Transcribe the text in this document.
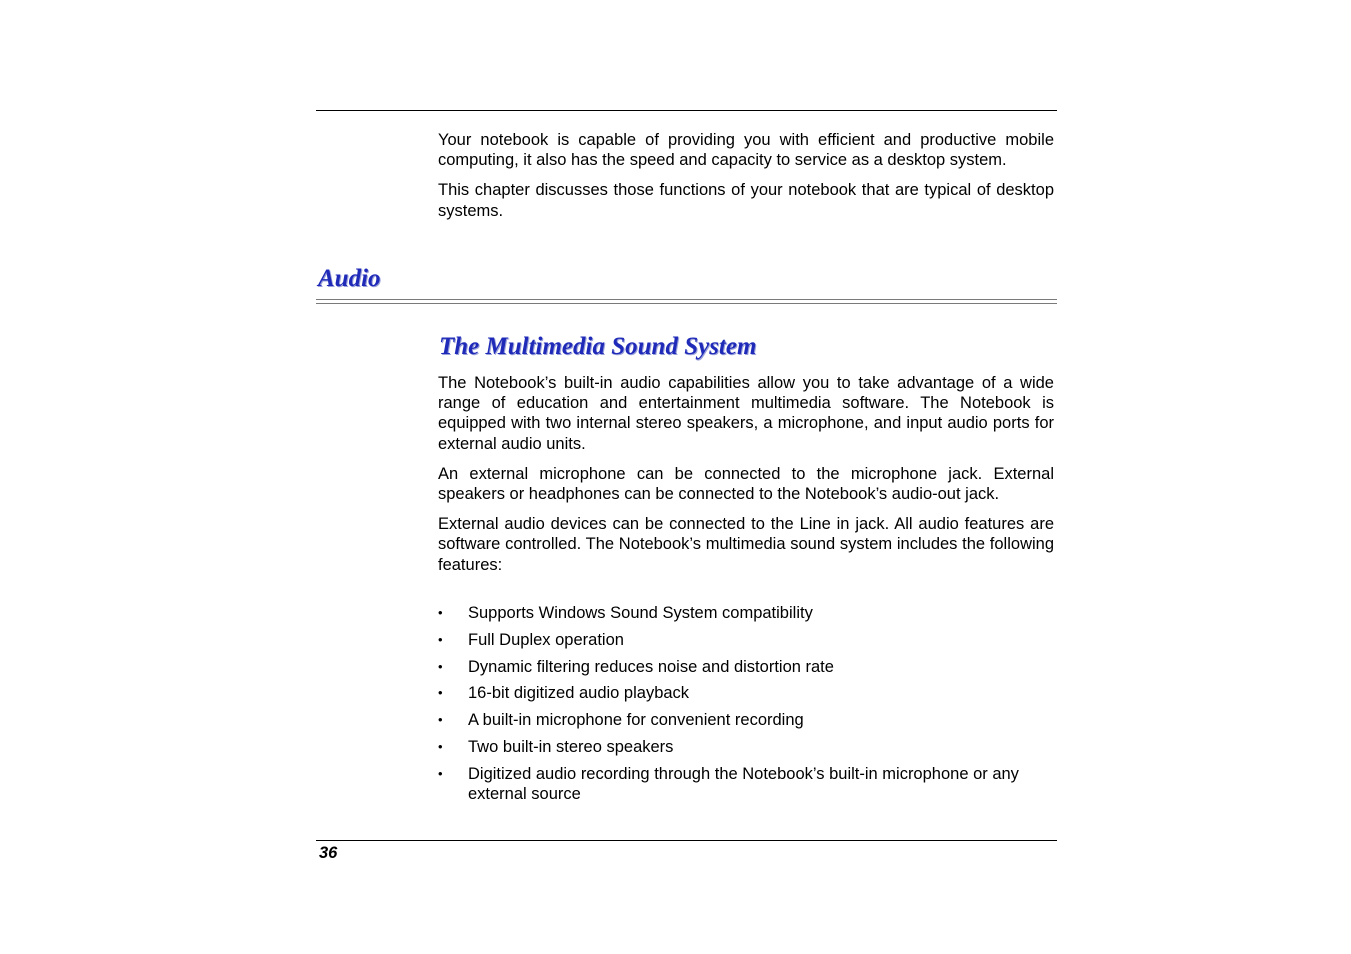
Your notebook is capable of providing you with efficient and productive mobile computing, it also has the speed and capacity to service as a desktop system.

This chapter discusses those functions of your notebook that are typical of desktop systems.

Audio
The Multimedia Sound System

The Notebook’s built-in audio capabilities allow you to take advantage of a wide range of education and entertainment multimedia software. The Notebook is equipped with two internal stereo speakers, a microphone, and input audio ports for external audio units.

An external microphone can be connected to the microphone jack. External speakers or headphones can be connected to the Notebook’s audio-out jack.

External audio devices can be connected to the Line in jack. All audio features are software controlled. The Notebook’s multimedia sound system includes the following features:

• Supports Windows Sound System compatibility
• Full Duplex operation
• Dynamic filtering reduces noise and distortion rate
• 16-bit digitized audio playback
• A built-in microphone for convenient recording
• Two built-in stereo speakers
• Digitized audio recording through the Notebook’s built-in microphone or any external source
36
